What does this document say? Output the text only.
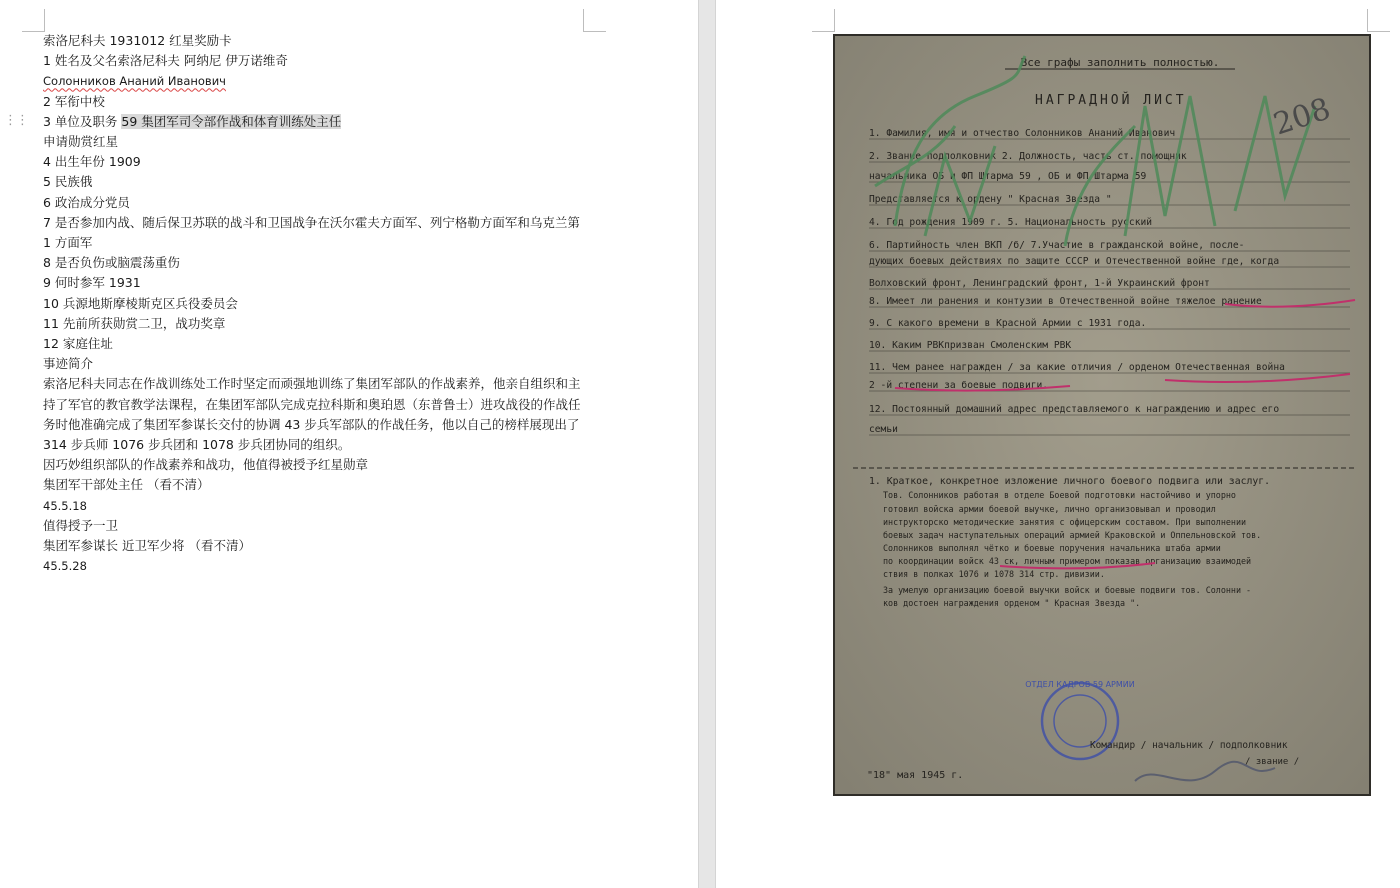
⋮⋮
索洛尼科夫 1931012 红星奖励卡
1 姓名及父名索洛尼科夫 阿纳尼 伊万诺维奇
Солонников Ананий Иванович
2 军衔中校
3 单位及职务 59 集团军司令部作战和体育训练处主任
申请勋赏红星
4 出生年份 1909
5 民族俄
6 政治成分党员
7 是否参加内战、随后保卫苏联的战斗和卫国战争在沃尔霍夫方面军、列宁格勒方面军和乌克兰第 1 方面军
8 是否负伤或脑震荡重伤
9 何时参军 1931
10 兵源地斯摩棱斯克区兵役委员会
11 先前所获勋赏二卫，战功奖章
12 家庭住址
事迹简介
索洛尼科夫同志在作战训练处工作时坚定而顽强地训练了集团军部队的作战素养，他亲自组织和主持了军官的教官教学法课程，在集团军部队完成克拉科斯和奥珀恩（东普鲁士）进攻战役的作战任务时他准确完成了集团军参谋长交付的协调 43 步兵军部队的作战任务，他以自己的榜样展现出了 314 步兵师 1076 步兵团和 1078 步兵团协同的组织。
因巧妙组织部队的作战素养和战功，他值得被授予红星勋章
集团军干部处主任 （看不清）
45.5.18
值得授予一卫
集团军参谋长 近卫军少将 （看不清）
45.5.28
Все графы заполнить полностью.
НАГРАДНОЙ ЛИСТ
1. Фамилия, имя и отчество Солонников Ананий Иванович
2. Звание подполковник 2. Должность, часть ст. помощник
начальника ОБ и ФП Штарма 59 , ОБ и ФП Штарма 59
Представляется к ордену " Красная Звезда "
4. Год рождения 1909 г. 5. Национальность русский
6. Партийность член ВКП /б/ 7.Участие в гражданской войне, после-
дующих боевых действиях по защите СССР и Отечественной войне где, когда
Волховский фронт, Ленинградский фронт, 1-й Украинский фронт
8. Имеет ли ранения и контузии в Отечественной войне тяжелое ранение
9. С какого времени в Красной Армии с 1931 года.
10. Каким РВКпризван Смоленским РВК
11. Чем ранее награжден / за какие отличия / орденом Отечественная война
2 -й степени за боевые подвиги.
12. Постоянный домашний адрес представляемого к награждению и адрес его
семьи
1. Краткое, конкретное изложение личного боевого подвига или заслуг.
Тов. Солонников работая в отделе Боевой подготовки настойчиво и упорно
готовил войска армии боевой выучке, лично организовывал и проводил
инструкторско методические занятия с офицерским составом. При выполнении
боевых задач наступательных операций армией Краковской и Оппельновской тов.
Солонников выполнял чётко и боевые поручения начальника штаба армии
по координации войск 43 ск, личным примером показав организацию взаимодей
ствия в полках 1076 и 1078 314 стр. дивизии.
За умелую организацию боевой выучки войск и боевые подвиги тов. Солонни -
ков достоен награждения орденом " Красная Звезда ".
208
ОТДЕЛ КАДРОВ 59 АРМИИ
Командир / начальник / подполковник
/ звание /
"18" мая 1945 г.
